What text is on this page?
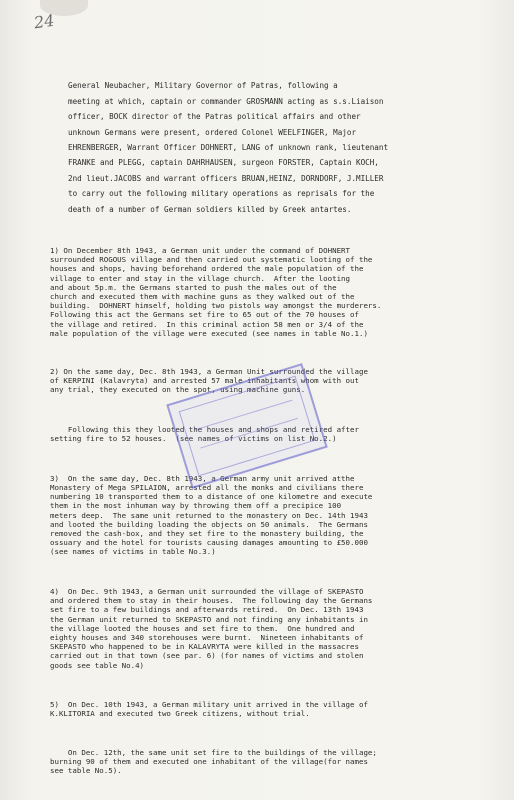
24

General Neubacher, Military Governor of Patras, following a
meeting at which, captain or commander GROSMANN acting as s.s.Liaison
officer, BOCK director of the Patras political affairs and other
unknown Germans were present, ordered Colonel WEELFINGER, Major
EHRENBERGER, Warrant Officer DOHNERT, LANG of unknown rank, lieutenant
FRANKE and PLEGG, captain DAHRHAUSEN, surgeon FORSTER, Captain KOCH,
2nd lieut.JACOBS and warrant officers BRUAN,HEINZ, DORNDORF, J.MILLER
to carry out the following military operations as reprisals for the
death of a number of German soldiers killed by Greek antartes.

1) On December 8th 1943, a German unit under the command of DOHNERT
surrounded ROGOUS village and then carried out systematic looting of the
houses and shops, having beforehand ordered the male population of the
village to enter and stay in the village church.  After the looting
and about 5p.m. the Germans started to push the males out of the
church and executed them with machine guns as they walked out of the
building.  DOHNERT himself, holding two pistols way amongst the murderers.
Following this act the Germans set fire to 65 out of the 70 houses of
the village and retired.  In this criminal action 58 men or 3/4 of the
male population of the village were executed (see names in table No.1.)

2) On the same day, Dec. 8th 1943, a German Unit surrounded the village
of KERPINI (Kalavryta) and arrested 57 male inhabitants whom with out
any trial, they executed on the spot, using machine guns.

Following this they looted the houses and shops and retired after
setting fire to 52 houses.  (see names of victims on list No.2.)

3)  On the same day, Dec. 8th 1943, a German army unit arrived atthe
Monastery of Mega SPILAION, arrested all the monks and civilians there
numbering 10 transported them to a distance of one kilometre and execute
them in the most inhuman way by throwing them off a precipice 100
meters deep.  The same unit returned to the monastery on Dec. 14th 1943
and looted the building loading the objects on 50 animals.  The Germans
removed the cash-box, and they set fire to the monastery building, the
ossuary and the hotel for tourists causing damages amounting to £50.000
(see names of victims in table No.3.)

4)  On Dec. 9th 1943, a German unit surrounded the village of SKEPASTO
and ordered them to stay in their houses.  The following day the Germans
set fire to a few buildings and afterwards retired.  On Dec. 13th 1943
the German unit returned to SKEPASTO and not finding any inhabitants in
the village looted the houses and set fire to them.  One hundred and
eighty houses and 340 storehouses were burnt.  Nineteen inhabitants of
SKEPASTO who happened to be in KALAVRYTA were killed in the massacres
carried out in that town (see par. 6) (for names of victims and stolen
goods see table No.4)

5)  On Dec. 10th 1943, a German military unit arrived in the village of
K.KLITORIA and executed two Greek citizens, without trial.

On Dec. 12th, the same unit set fire to the buildings of the village;
burning 90 of them and executed one inhabitant of the village(for names
see table No.5).
